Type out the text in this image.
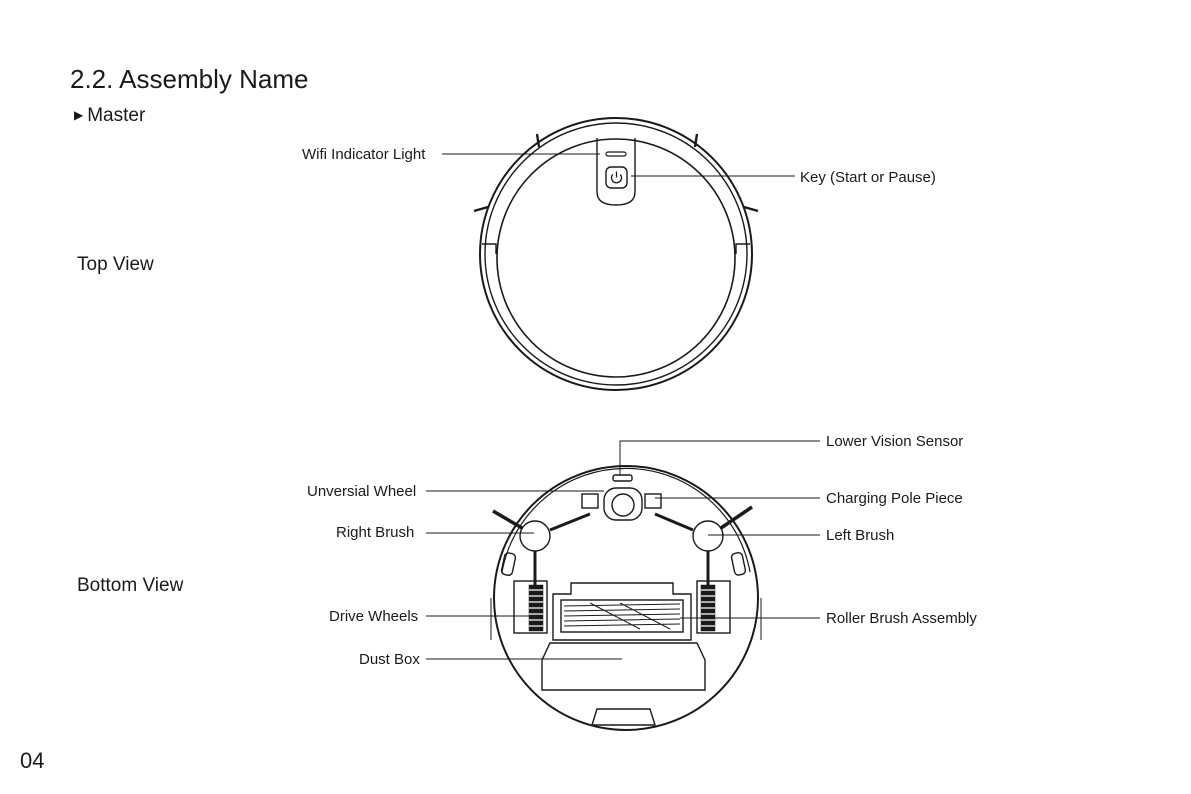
2.2. Assembly Name
▶ Master
Top View
Bottom View
04
Wifi Indicator Light
Key (Start or Pause)
Lower Vision Sensor
Unversial Wheel	Charging Pole Piece
Right Brush	Left Brush
Drive Wheels	Roller Brush Assembly
Dust Box
